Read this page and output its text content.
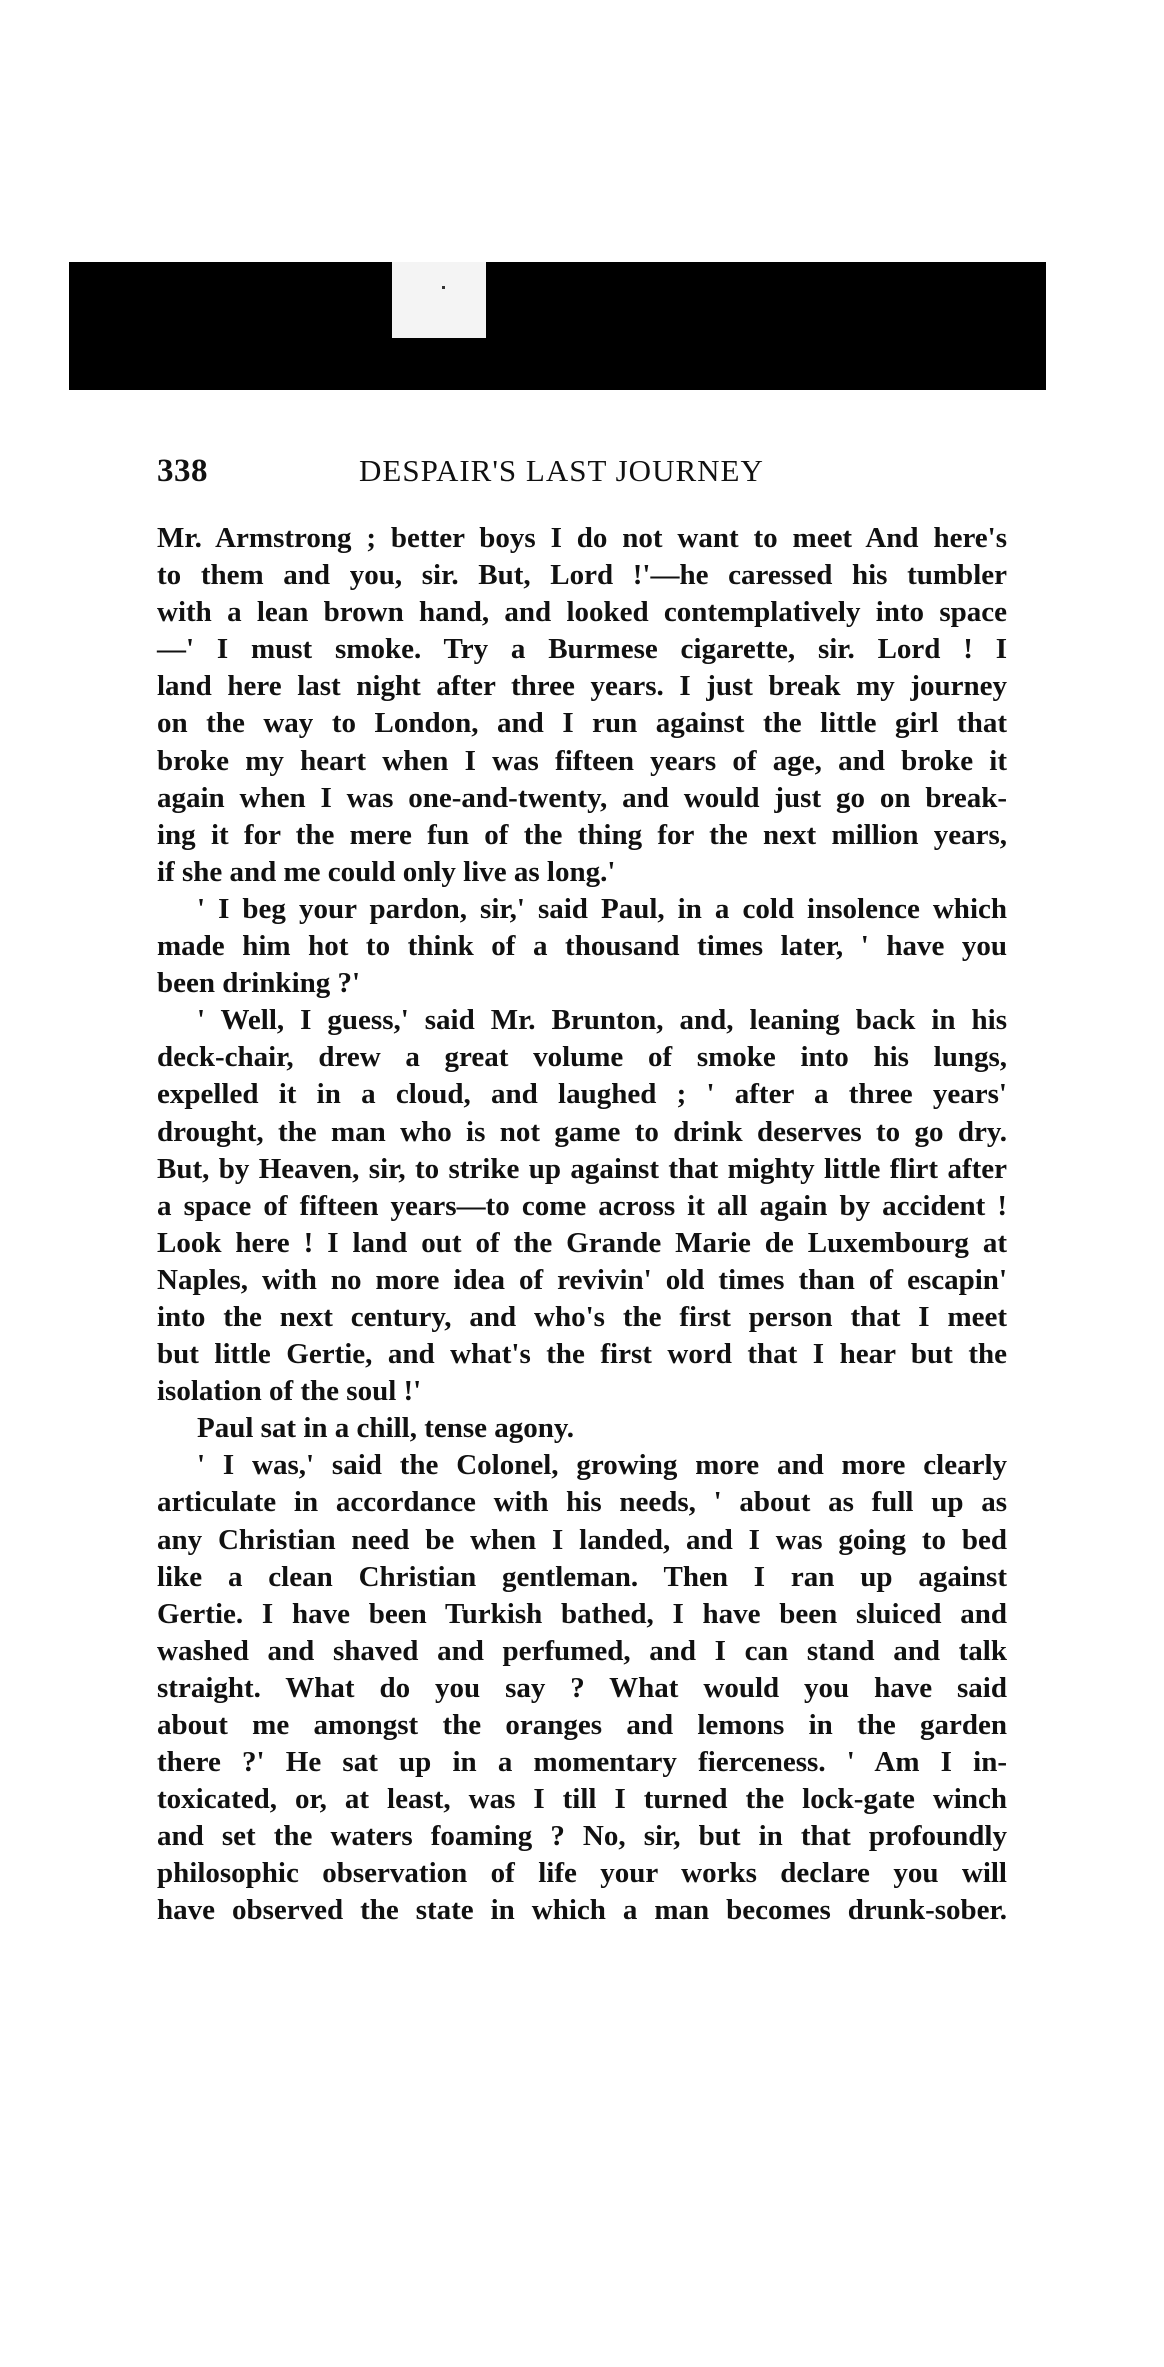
338	DESPAIR'S LAST JOURNEY
Mr. Armstrong ; better boys I do not want to meet And here's
to them and you, sir. But, Lord !'—he caressed his tumbler
with a lean brown hand, and looked contemplatively into space
—' I must smoke. Try a Burmese cigarette, sir. Lord ! I
land here last night after three years. I just break my journey
on the way to London, and I run against the little girl that
broke my heart when I was fifteen years of age, and broke it
again when I was one-and-twenty, and would just go on break-
ing it for the mere fun of the thing for the next million years,
if she and me could only live as long.'
' I beg your pardon, sir,' said Paul, in a cold insolence which
made him hot to think of a thousand times later, ' have you
been drinking ?'
' Well, I guess,' said Mr. Brunton, and, leaning back in his
deck-chair, drew a great volume of smoke into his lungs,
expelled it in a cloud, and laughed ; ' after a three years'
drought, the man who is not game to drink deserves to go dry.
But, by Heaven, sir, to strike up against that mighty little flirt after
a space of fifteen years—to come across it all again by accident !
Look here ! I land out of the Grande Marie de Luxembourg at
Naples, with no more idea of revivin' old times than of escapin'
into the next century, and who's the first person that I meet
but little Gertie, and what's the first word that I hear but the
isolation of the soul !'
Paul sat in a chill, tense agony.
' I was,' said the Colonel, growing more and more clearly
articulate in accordance with his needs, ' about as full up as
any Christian need be when I landed, and I was going to bed
like a clean Christian gentleman. Then I ran up against
Gertie. I have been Turkish bathed, I have been sluiced and
washed and shaved and perfumed, and I can stand and talk
straight. What do you say ? What would you have said
about me amongst the oranges and lemons in the garden
there ?' He sat up in a momentary fierceness. ' Am I in-
toxicated, or, at least, was I till I turned the lock-gate winch
and set the waters foaming ? No, sir, but in that profoundly
philosophic observation of life your works declare you will
have observed the state in which a man becomes drunk-sober.
